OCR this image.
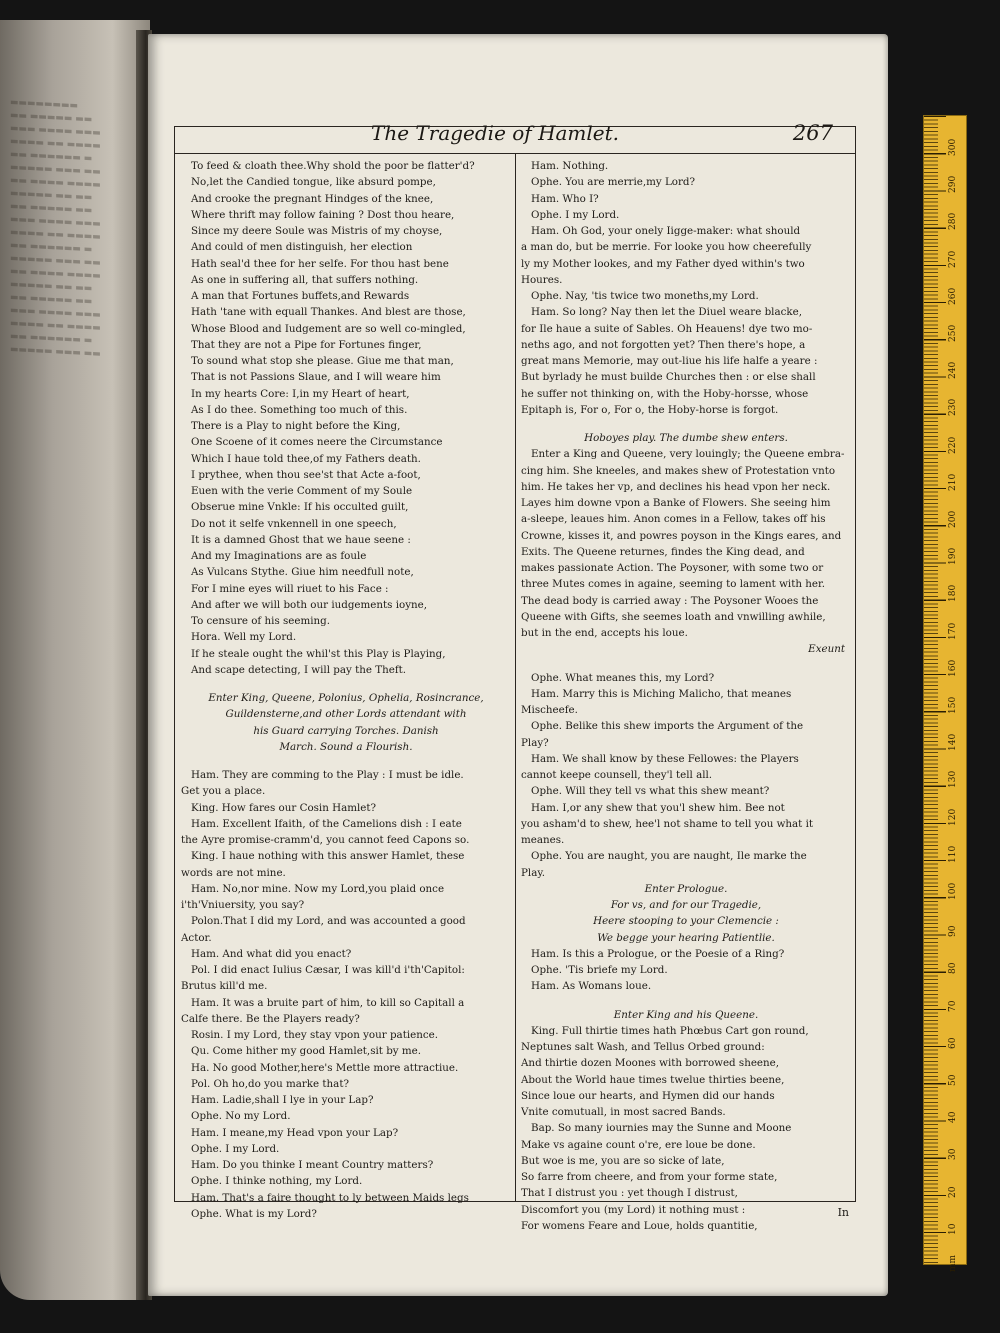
▬▬▬▬▬▬▬▬
▬▬ ▬▬▬▬▬ ▬▬
▬▬▬ ▬▬▬▬ ▬▬▬
▬▬▬▬ ▬▬ ▬▬▬▬
▬▬ ▬▬▬▬▬▬ ▬
▬▬▬▬▬ ▬▬▬ ▬▬
▬▬ ▬▬▬▬ ▬▬▬▬
▬▬▬▬▬ ▬▬ ▬▬
▬▬ ▬▬▬▬▬ ▬▬
▬▬▬ ▬▬▬▬ ▬▬▬
▬▬▬▬ ▬▬ ▬▬▬▬
▬▬ ▬▬▬▬▬▬ ▬
▬▬▬▬▬ ▬▬▬ ▬▬
▬▬ ▬▬▬▬ ▬▬▬▬
▬▬▬▬▬ ▬▬ ▬▬
▬▬ ▬▬▬▬▬ ▬▬
▬▬▬ ▬▬▬▬ ▬▬▬
▬▬▬▬ ▬▬ ▬▬▬▬
▬▬ ▬▬▬▬▬▬ ▬
▬▬▬▬▬ ▬▬▬ ▬▬
The Tragedie of Hamlet.	267
To feed & cloath thee.Why shold the poor be flatter'd?
No,let the Candied tongue, like absurd pompe,
And crooke the pregnant Hindges of the knee,
Where thrift may follow faining ? Dost thou heare,
Since my deere Soule was Mistris of my choyse,
And could of men distinguish, her election
Hath seal'd thee for her selfe. For thou hast bene
As one in suffering all, that suffers nothing.
A man that Fortunes buffets,and Rewards
Hath 'tane with equall Thankes. And blest are those,
Whose Blood and Iudgement are so well co-mingled,
That they are not a Pipe for Fortunes finger,
To sound what stop she please. Giue me that man,
That is not Passions Slaue, and I will weare him
In my hearts Core: I,in my Heart of heart,
As I do thee. Something too much of this.
There is a Play to night before the King,
One Scoene of it comes neere the Circumstance
Which I haue told thee,of my Fathers death.
I prythee, when thou see'st that Acte a-foot,
Euen with the verie Comment of my Soule
Obserue mine Vnkle: If his occulted guilt,
Do not it selfe vnkennell in one speech,
It is a damned Ghost that we haue seene :
And my Imaginations are as foule
As Vulcans Stythe. Giue him needfull note,
For I mine eyes will riuet to his Face :
And after we will both our iudgements ioyne,
To censure of his seeming.
Hora. Well my Lord.
If he steale ought the whil'st this Play is Playing,
And scape detecting, I will pay the Theft.
Enter King, Queene, Polonius, Ophelia, Rosincrance,
Guildensterne,and other Lords attendant with
his Guard carrying Torches. Danish
March. Sound a Flourish.
Ham. They are comming to the Play : I must be idle.
Get you a place.
King. How fares our Cosin Hamlet?
Ham. Excellent Ifaith, of the Camelions dish : I eate
the Ayre promise-cramm'd, you cannot feed Capons so.
King. I haue nothing with this answer Hamlet, these
words are not mine.
Ham. No,nor mine. Now my Lord,you plaid once
i'th'Vniuersity, you say?
Polon.That I did my Lord, and was accounted a good
Actor.
Ham. And what did you enact?
Pol. I did enact Iulius Cæsar, I was kill'd i'th'Capitol:
Brutus kill'd me.
Ham. It was a bruite part of him, to kill so Capitall a
Calfe there. Be the Players ready?
Rosin. I my Lord, they stay vpon your patience.
Qu. Come hither my good Hamlet,sit by me.
Ha. No good Mother,here's Mettle more attractiue.
Pol. Oh ho,do you marke that?
Ham. Ladie,shall I lye in your Lap?
Ophe. No my Lord.
Ham. I meane,my Head vpon your Lap?
Ophe. I my Lord.
Ham. Do you thinke I meant Country matters?
Ophe. I thinke nothing, my Lord.
Ham. That's a faire thought to ly between Maids legs
Ophe. What is my Lord?
Ham. Nothing.
Ophe. You are merrie,my Lord?
Ham. Who I?
Ophe. I my Lord.
Ham. Oh God, your onely Iigge-maker: what should
a man do, but be merrie. For looke you how cheerefully
ly my Mother lookes, and my Father dyed within's two
Houres.
Ophe. Nay, 'tis twice two moneths,my Lord.
Ham. So long? Nay then let the Diuel weare blacke,
for Ile haue a suite of Sables. Oh Heauens! dye two mo-
neths ago, and not forgotten yet? Then there's hope, a
great mans Memorie, may out-liue his life halfe a yeare :
But byrlady he must builde Churches then : or else shall
he suffer not thinking on, with the Hoby-horsse, whose
Epitaph is, For o, For o, the Hoby-horse is forgot.
Hoboyes play. The dumbe shew enters.
Enter a King and Queene, very louingly; the Queene embra-
cing him. She kneeles, and makes shew of Protestation vnto
him. He takes her vp, and declines his head vpon her neck.
Layes him downe vpon a Banke of Flowers. She seeing him
a-sleepe, leaues him. Anon comes in a Fellow, takes off his
Crowne, kisses it, and powres poyson in the Kings eares, and
Exits. The Queene returnes, findes the King dead, and
makes passionate Action. The Poysoner, with some two or
three Mutes comes in againe, seeming to lament with her.
The dead body is carried away : The Poysoner Wooes the
Queene with Gifts, she seemes loath and vnwilling awhile,
but in the end, accepts his loue.
Exeunt
Ophe. What meanes this, my Lord?
Ham. Marry this is Miching Malicho, that meanes
Mischeefe.
Ophe. Belike this shew imports the Argument of the
Play?
Ham. We shall know by these Fellowes: the Players
cannot keepe counsell, they'l tell all.
Ophe. Will they tell vs what this shew meant?
Ham. I,or any shew that you'l shew him. Bee not
you asham'd to shew, hee'l not shame to tell you what it
meanes.
Ophe. You are naught, you are naught, Ile marke the
Play.
Enter Prologue.
For vs, and for our Tragedie,
Heere stooping to your Clemencie :
We begge your hearing Patientlie.
Ham. Is this a Prologue, or the Poesie of a Ring?
Ophe. 'Tis briefe my Lord.
Ham. As Womans loue.
Enter King and his Queene.
King. Full thirtie times hath Phœbus Cart gon round,
Neptunes salt Wash, and Tellus Orbed ground:
And thirtie dozen Moones with borrowed sheene,
About the World haue times twelue thirties beene,
Since loue our hearts, and Hymen did our hands
Vnite comutuall, in most sacred Bands.
Bap. So many iournies may the Sunne and Moone
Make vs againe count o're, ere loue be done.
But woe is me, you are so sicke of late,
So farre from cheere, and from your forme state,
That I distrust you : yet though I distrust,
Discomfort you (my Lord) it nothing must :
For womens Feare and Loue, holds quantitie,
In
300
290
280
270
260
250
240
230
220
210
200
190
180
170
160
150
140
130
120
110
100
90
80
70
60
50
40
30
20
10
mm
